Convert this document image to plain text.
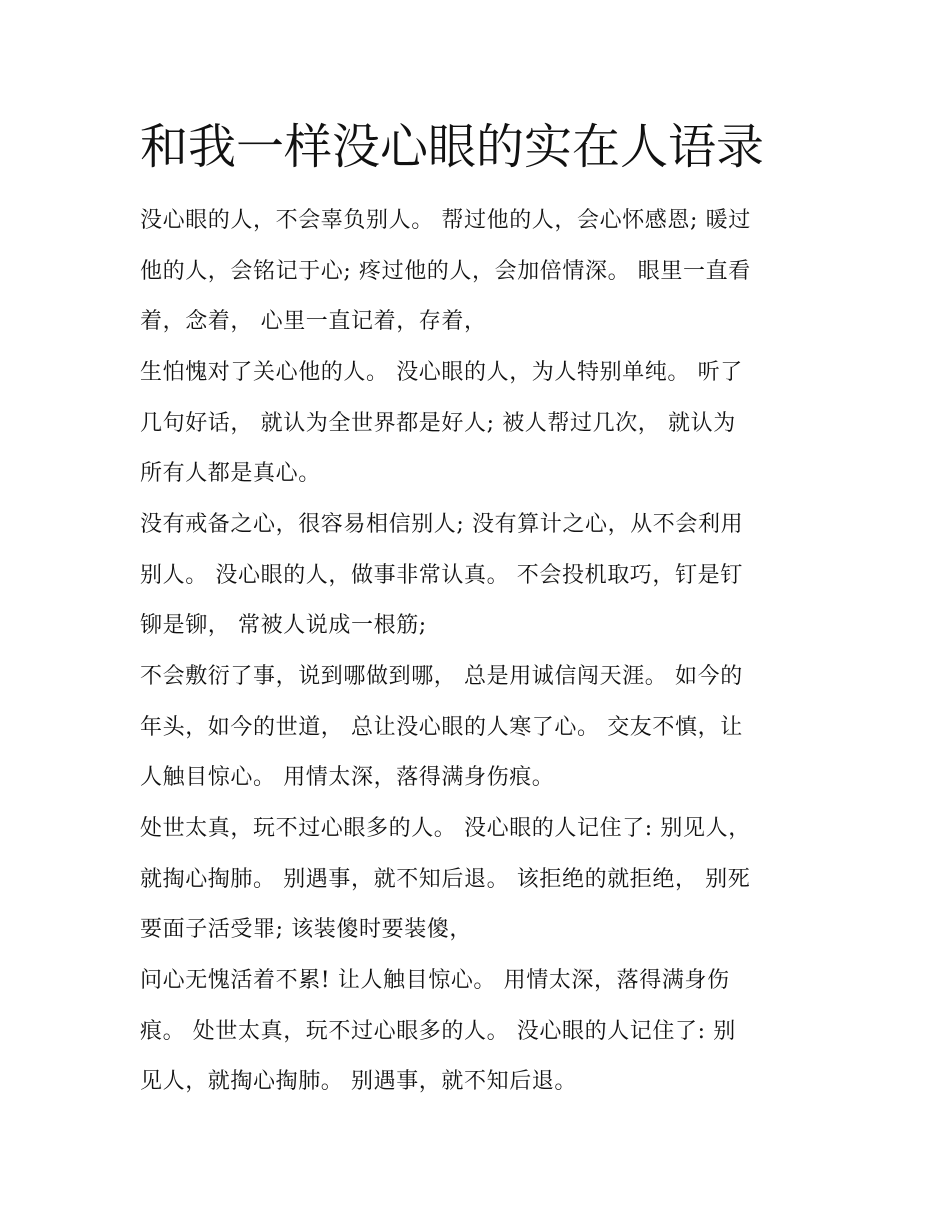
和我一样没心眼的实在人语录

没心眼的人，不会辜负别人。 帮过他的人，会心怀感恩; 暖过
他的人，会铭记于心; 疼过他的人，会加倍情深。 眼里一直看
着，念着， 心里一直记着，存着，

生怕愧对了关心他的人。 没心眼的人，为人特别单纯。 听了
几句好话， 就认为全世界都是好人; 被人帮过几次， 就认为
所有人都是真心。

没有戒备之心，很容易相信别人; 没有算计之心，从不会利用
别人。 没心眼的人，做事非常认真。 不会投机取巧，钉是钉
铆是铆， 常被人说成一根筋;

不会敷衍了事，说到哪做到哪， 总是用诚信闯天涯。 如今的
年头，如今的世道， 总让没心眼的人寒了心。 交友不慎，让
人触目惊心。 用情太深，落得满身伤痕。

处世太真，玩不过心眼多的人。 没心眼的人记住了: 别见人，
就掏心掏肺。 别遇事，就不知后退。 该拒绝的就拒绝， 别死
要面子活受罪; 该装傻时要装傻，

问心无愧活着不累! 让人触目惊心。 用情太深，落得满身伤
痕。 处世太真，玩不过心眼多的人。 没心眼的人记住了: 别
见人，就掏心掏肺。 别遇事，就不知后退。
